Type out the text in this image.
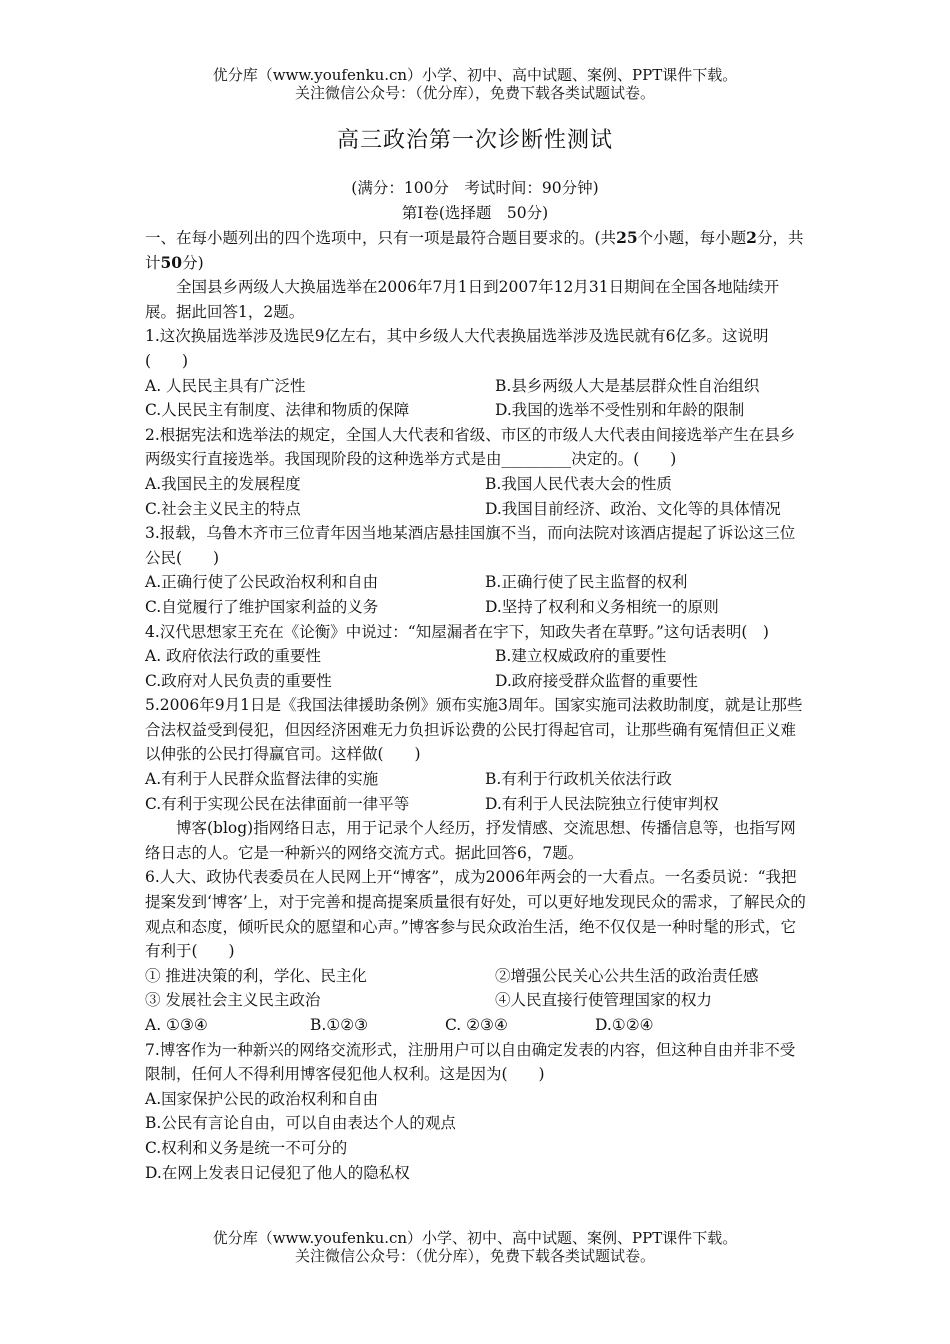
优分库（www.youfenku.cn）小学、初中、高中试题、案例、PPT课件下载。
关注微信公众号：（优分库），免费下载各类试题试卷。
高三政治第一次诊断性测试
(满分：100分　考试时间：90分钟)
第Ⅰ卷(选择题　50分)

一、在每小题列出的四个选项中，只有一项是最符合题目要求的。(共25个小题，每小题2分，共计50分)

全国县乡两级人大换届选举在2006年7月1日到2007年12月31日期间在全国各地陆续开展。据此回答1，2题。

1.这次换届选举涉及选民9亿左右，其中乡级人大代表换届选举涉及选民就有6亿多。这说明(　　)

A. 人民民主具有广泛性	B.县乡两级人大是基层群众性自治组织
C.人民民主有制度、法律和物质的保障	D.我国的选举不受性别和年龄的限制

2.根据宪法和选举法的规定，全国人大代表和省级、市区的市级人大代表由间接选举产生在县乡两级实行直接选举。我国现阶段的这种选举方式是由_________决定的。(　　)

A.我国民主的发展程度	B.我国人民代表大会的性质
C.社会主义民主的特点	D.我国目前经济、政治、文化等的具体情况

3.报载，乌鲁木齐市三位青年因当地某酒店悬挂国旗不当，而向法院对该酒店提起了诉讼这三位公民(　　)

A.正确行使了公民政治权利和自由	B.正确行使了民主监督的权利
C.自觉履行了维护国家利益的义务	D.坚持了权利和义务相统一的原则

4.汉代思想家王充在《论衡》中说过：“知屋漏者在宇下，知政失者在草野。”这句话表明(　)

A. 政府依法行政的重要性	B.建立权威政府的重要性
C.政府对人民负责的重要性	D.政府接受群众监督的重要性

5.2006年9月1日是《我国法律援助条例》颁布实施3周年。国家实施司法救助制度，就是让那些合法权益受到侵犯，但因经济困难无力负担诉讼费的公民打得起官司，让那些确有冤情但正义难以伸张的公民打得赢官司。这样做(　　)

A.有利于人民群众监督法律的实施	B.有利于行政机关依法行政
C.有利于实现公民在法律面前一律平等	D.有利于人民法院独立行使审判权

博客(blog)指网络日志，用于记录个人经历，抒发情感、交流思想、传播信息等，也指写网络日志的人。它是一种新兴的网络交流方式。据此回答6，7题。

6.人大、政协代表委员在人民网上开“博客”，成为2006年两会的一大看点。一名委员说：“我把提案发到‘博客’上，对于完善和提高提案质量很有好处，可以更好地发现民众的需求，了解民众的观点和态度，倾听民众的愿望和心声。”博客参与民众政治生活，绝不仅仅是一种时髦的形式，它有利于(　　)

① 推进决策的利，学化、民主化	②增强公民关心公共生活的政治责任感
③ 发展社会主义民主政治	④人民直接行使管理国家的权力
A. ①③④	B.①②③	C. ②③④	D.①②④

7.博客作为一种新兴的网络交流形式，注册用户可以自由确定发表的内容，但这种自由并非不受限制，任何人不得利用博客侵犯他人权利。这是因为(　　)

A.国家保护公民的政治权利和自由

B.公民有言论自由，可以自由表达个人的观点

C.权利和义务是统一不可分的

D.在网上发表日记侵犯了他人的隐私权

优分库（www.youfenku.cn）小学、初中、高中试题、案例、PPT课件下载。
关注微信公众号：（优分库），免费下载各类试题试卷。
